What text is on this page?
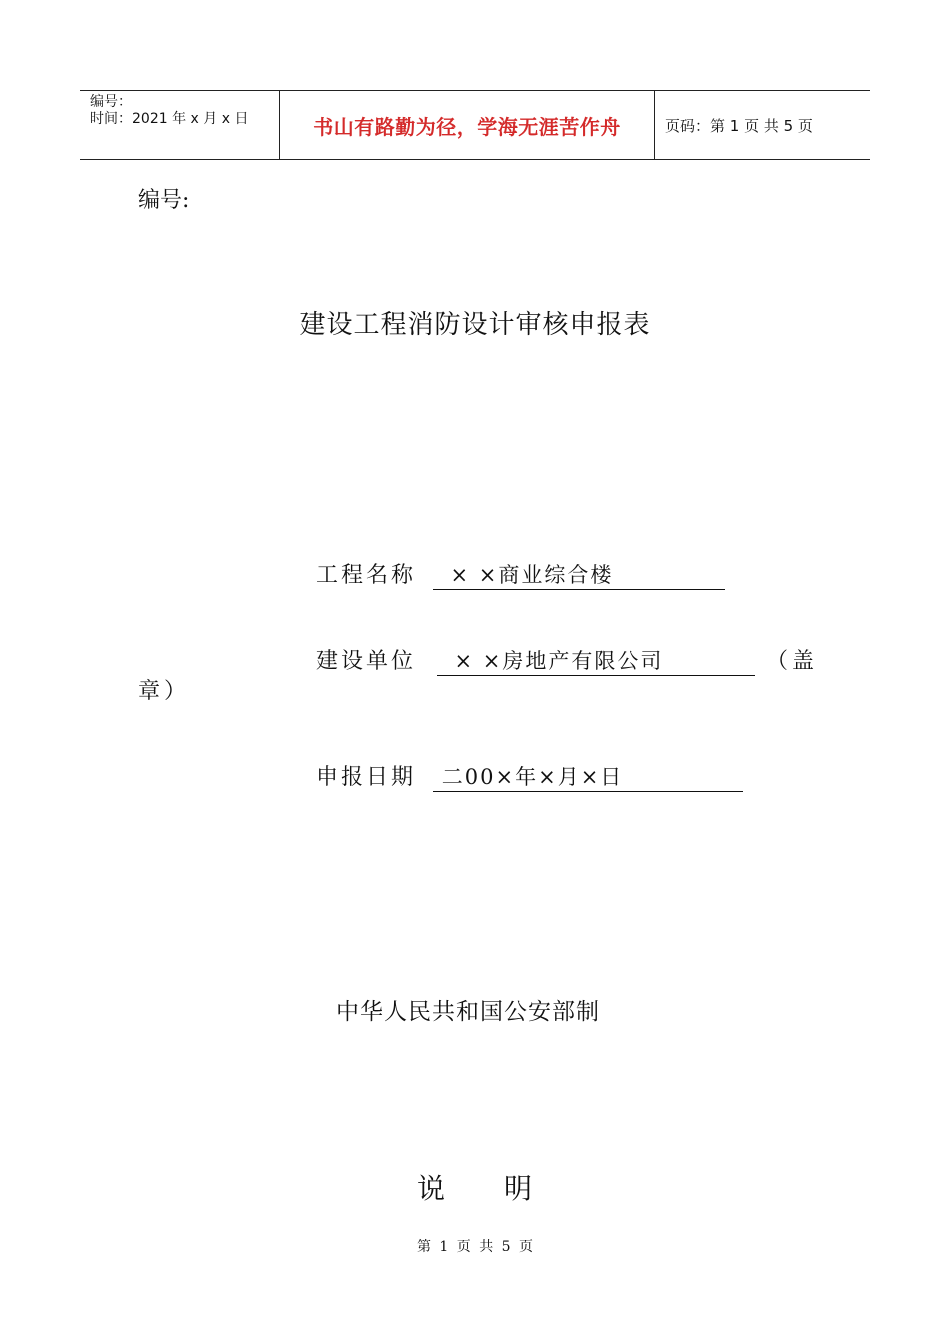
编号：
时间：2021 年 x 月 x 日	书山有路勤为径，学海无涯苦作舟	页码：第 1 页 共 5 页
编号:
建设工程消防设计审核申报表
工程名称   × ×商业综合楼
建设单位   × ×房地产有限公司	（盖
章）
申报日期  二00×年×月×日
中华人民共和国公安部制
说 明
第 1 页 共 5 页
